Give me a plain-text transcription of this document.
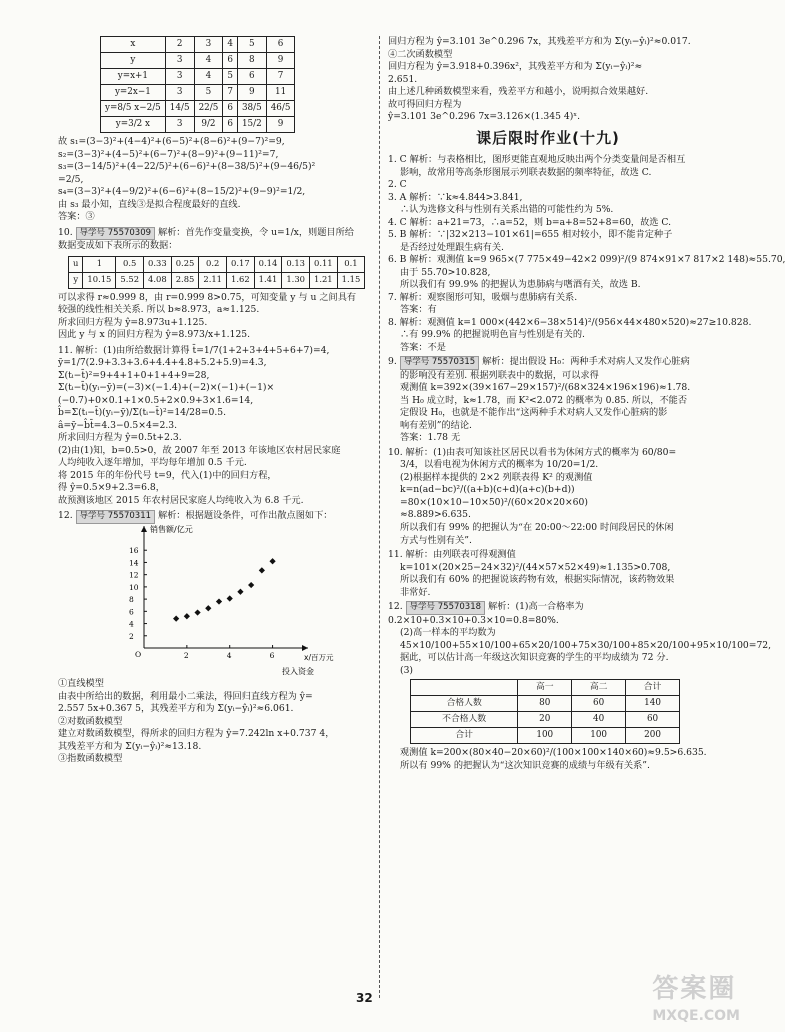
x	2	3	4	5	6
y	3	4	6	8	9
y=x+1	3	4	5	6	7
y=2x−1	3	5	7	9	11
y=8/5 x−2/5	14/5	22/5	6	38/5	46/5
y=3/2 x	3	9/2	6	15/2	9
故 s₁=(3−3)²+(4−4)²+(6−5)²+(8−6)²+(9−7)²=9,
s₂=(3−3)²+(4−5)²+(6−7)²+(8−9)²+(9−11)²=7,
s₃=(3−14/5)²+(4−22/5)²+(6−6)²+(8−38/5)²+(9−46/5)²
=2/5,
s₄=(3−3)²+(4−9/2)²+(6−6)²+(8−15/2)²+(9−9)²=1/2,
由 s₃ 最小知，直线③是拟合程度最好的直线.
答案：③
10. 导学号 75570309 解析：首先作变量变换，令 u=1/x，则题目所给
数据变成如下表所示的数据：
u	1	0.5	0.33	0.25	0.2	0.17	0.14	0.13	0.11	0.1
y	10.15	5.52	4.08	2.85	2.11	1.62	1.41	1.30	1.21	1.15
可以求得 r≈0.999 8，由 r=0.999 8>0.75，可知变量 y 与 u 之间具有
较强的线性相关关系. 所以 b≈8.973，a≈1.125.
所求回归方程为 ŷ=8.973u+1.125.
因此 y 与 x 的回归方程为 ŷ=8.973/x+1.125.
11. 解析：(1)由所给数据计算得 t̄=1/7(1+2+3+4+5+6+7)=4,
ȳ=1/7(2.9+3.3+3.6+4.4+4.8+5.2+5.9)=4.3,
Σ(tᵢ−t̄)²=9+4+1+0+1+4+9=28,
Σ(tᵢ−t̄)(yᵢ−ȳ)=(−3)×(−1.4)+(−2)×(−1)+(−1)×
(−0.7)+0×0.1+1×0.5+2×0.9+3×1.6=14,
b̂=Σ(tᵢ−t̄)(yᵢ−ȳ)/Σ(tᵢ−t̄)²=14/28=0.5.
â=ȳ−b̂t̄=4.3−0.5×4=2.3.
所求回归方程为 ŷ=0.5t+2.3.
(2)由(1)知，b=0.5>0，故 2007 年至 2013 年该地区农村居民家庭
人均纯收入逐年增加，平均每年增加 0.5 千元.
将 2015 年的年份代号 t=9，代入(1)中的回归方程，
得 ŷ=0.5×9+2.3=6.8，
故预测该地区 2015 年农村居民家庭人均纯收入为 6.8 千元.
12. 导学号 75570311 解析：根据题设条件，可作出散点图如下：
销售额/亿元
x/百万元
投入资金
O	2	4	6
2
4
6
8
10
12
14
16
①直线模型
由表中所给出的数据，利用最小二乘法，得回归直线方程为 ŷ=
2.557 5x+0.367 5，其残差平方和为 Σ(yᵢ−ŷᵢ)²≈6.061.
②对数函数模型
建立对数函数模型，得所求的回归方程为 ŷ=7.242ln x+0.737 4，
其残差平方和为 Σ(yᵢ−ŷᵢ)²≈13.18.
③指数函数模型
回归方程为 ŷ=3.101 3e^0.296 7x，其残差平方和为 Σ(yᵢ−ŷᵢ)²≈0.017.
④二次函数模型
回归方程为 ŷ=3.918+0.396x²，其残差平方和为 Σ(yᵢ−ŷᵢ)²≈
2.651.
由上述几种函数模型来看，残差平方和越小，说明拟合效果越好.
故可得回归方程为
ŷ=3.101 3e^0.296 7x=3.126×(1.345 4)ˣ.
课后限时作业(十九)
1. C 解析：与表格相比，图形更能直观地反映出两个分类变量间是否相互
影响，故常用等高条形图展示列联表数据的频率特征，故选 C.
2. C
3. A 解析：∵k≈4.844>3.841,
∴认为选修文科与性别有关系出错的可能性约为 5%.
4. C 解析：a+21=73，∴a=52，则 b=a+8=52+8=60，故选 C.
5. B 解析：∵|32×213−101×61|=655 相对较小，即不能肯定种子
是否经过处理跟生病有关.
6. B 解析：观测值 k=9 965×(7 775×49−42×2 099)²/(9 874×91×7 817×2 148)≈55.70,
由于 55.70>10.828,
所以我们有 99.9% 的把握认为患肺病与嗜酒有关，故选 B.
7. 解析：观察图形可知，吸烟与患肺病有关系.
答案：有
8. 解析：观测值 k=1 000×(442×6−38×514)²/(956×44×480×520)≈27≥10.828.
∴有 99.9% 的把握说明色盲与性别是有关的.
答案：不是
9. 导学号 75570315 解析：提出假设 H₀：两种手术对病人又发作心脏病
的影响没有差别. 根据列联表中的数据，可以求得
观测值 k=392×(39×167−29×157)²/(68×324×196×196)≈1.78.
当 H₀ 成立时，k≈1.78，而 K²<2.072 的概率为 0.85. 所以，不能否
定假设 H₀，也就是不能作出“这两种手术对病人又发作心脏病的影
响有差别”的结论.
答案：1.78 无
10. 解析：(1)由表可知该社区居民以看书为休闲方式的概率为 60/80=
3/4，以看电视为休闲方式的概率为 10/20=1/2.
(2)根据样本提供的 2×2 列联表得 K² 的观测值
k=n(ad−bc)²/((a+b)(c+d)(a+c)(b+d))
=80×(10×10−10×50)²/(60×20×20×60)
≈8.889>6.635.
所以我们有 99% 的把握认为“在 20:00～22:00 时间段居民的休闲
方式与性别有关”.
11. 解析：由列联表可得观测值
k=101×(20×25−24×32)²/(44×57×52×49)≈1.135>0.708,
所以我们有 60% 的把握说该药物有效，根据实际情况，该药物效果
非常好.
12. 导学号 75570318 解析：(1)高一合格率为
0.2×10+0.3×10+0.3×10=0.8=80%.
(2)高一样本的平均数为
45×10/100+55×10/100+65×20/100+75×30/100+85×20/100+95×10/100=72,
据此，可以估计高一年级这次知识竞赛的学生的平均成绩为 72 分.
(3)
	高一	高二	合计
合格人数	80	60	140
不合格人数	20	40	60
合计	100	100	200
观测值 k=200×(80×40−20×60)²/(100×100×140×60)≈9.5>6.635.
所以有 99% 的把握认为“这次知识竞赛的成绩与年级有关系”.
32	答案圈
MXQE.COM
